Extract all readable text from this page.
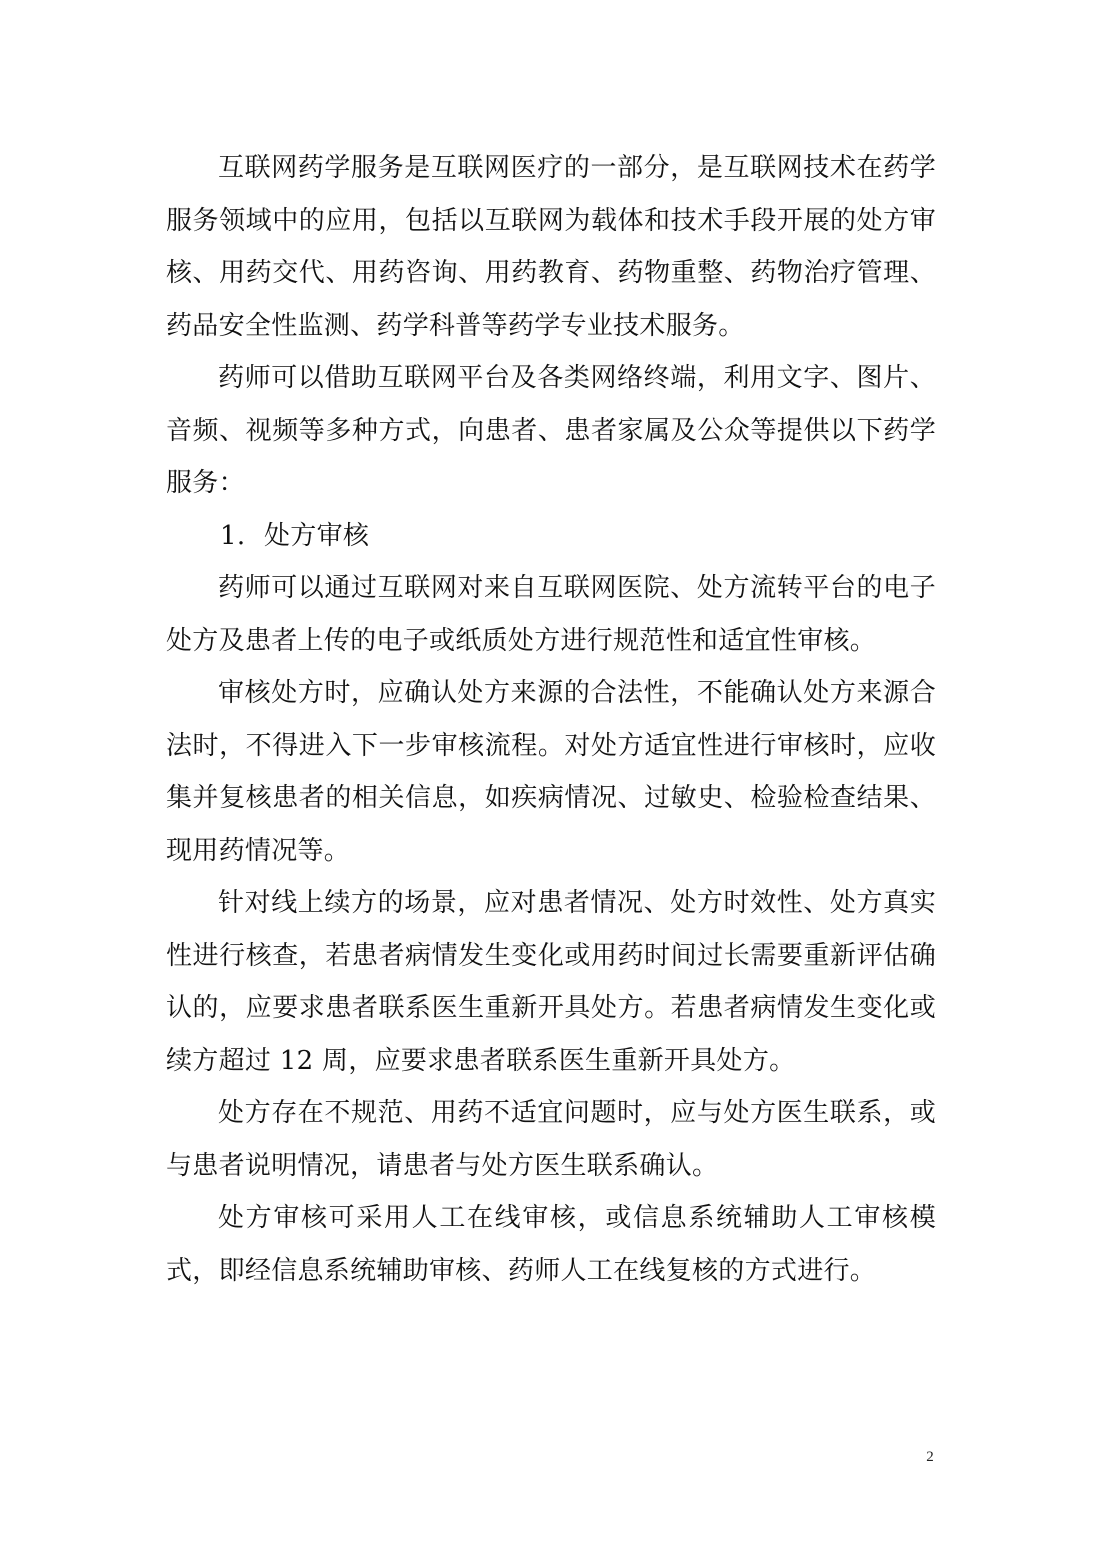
互联网药学服务是互联网医疗的一部分，是互联网技术在药学服务领域中的应用，包括以互联网为载体和技术手段开展的处方审核、用药交代、用药咨询、用药教育、药物重整、药物治疗管理、药品安全性监测、药学科普等药学专业技术服务。

药师可以借助互联网平台及各类网络终端，利用文字、图片、音频、视频等多种方式，向患者、患者家属及公众等提供以下药学服务：

1. 处方审核

药师可以通过互联网对来自互联网医院、处方流转平台的电子处方及患者上传的电子或纸质处方进行规范性和适宜性审核。

审核处方时，应确认处方来源的合法性，不能确认处方来源合法时，不得进入下一步审核流程。对处方适宜性进行审核时，应收集并复核患者的相关信息，如疾病情况、过敏史、检验检查结果、现用药情况等。

针对线上续方的场景，应对患者情况、处方时效性、处方真实性进行核查，若患者病情发生变化或用药时间过长需要重新评估确认的，应要求患者联系医生重新开具处方。若患者病情发生变化或续方超过 12 周，应要求患者联系医生重新开具处方。

处方存在不规范、用药不适宜问题时，应与处方医生联系，或与患者说明情况，请患者与处方医生联系确认。

处方审核可采用人工在线审核，或信息系统辅助人工审核模式，即经信息系统辅助审核、药师人工在线复核的方式进行。

2
